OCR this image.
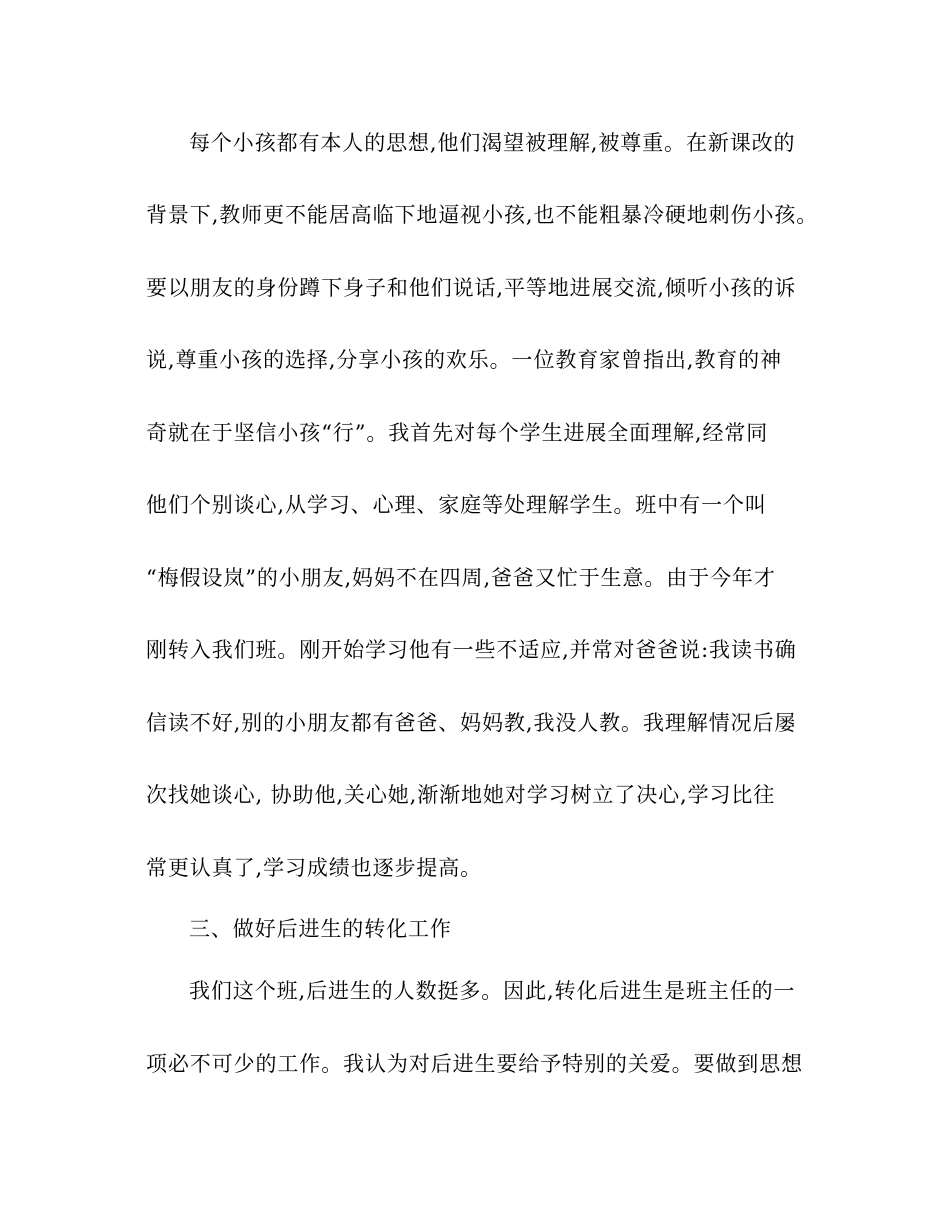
每个小孩都有本人的思想,他们渴望被理解,被尊重。在新课改的
背景下,教师更不能居高临下地逼视小孩,也不能粗暴冷硬地刺伤小孩。
要以朋友的身份蹲下身子和他们说话,平等地进展交流,倾听小孩的诉
说,尊重小孩的选择,分享小孩的欢乐。一位教育家曾指出,教育的神
奇就在于坚信小孩“行”。我首先对每个学生进展全面理解,经常同
他们个别谈心,从学习、心理、家庭等处理解学生。班中有一个叫
“梅假设岚”的小朋友,妈妈不在四周,爸爸又忙于生意。由于今年才
刚转入我们班。刚开始学习他有一些不适应,并常对爸爸说:我读书确
信读不好,别的小朋友都有爸爸、妈妈教,我没人教。我理解情况后屡
次找她谈心, 协助他,关心她,渐渐地她对学习树立了决心,学习比往
常更认真了,学习成绩也逐步提高。
三、做好后进生的转化工作
我们这个班,后进生的人数挺多。因此,转化后进生是班主任的一
项必不可少的工作。我认为对后进生要给予特别的关爱。要做到思想
